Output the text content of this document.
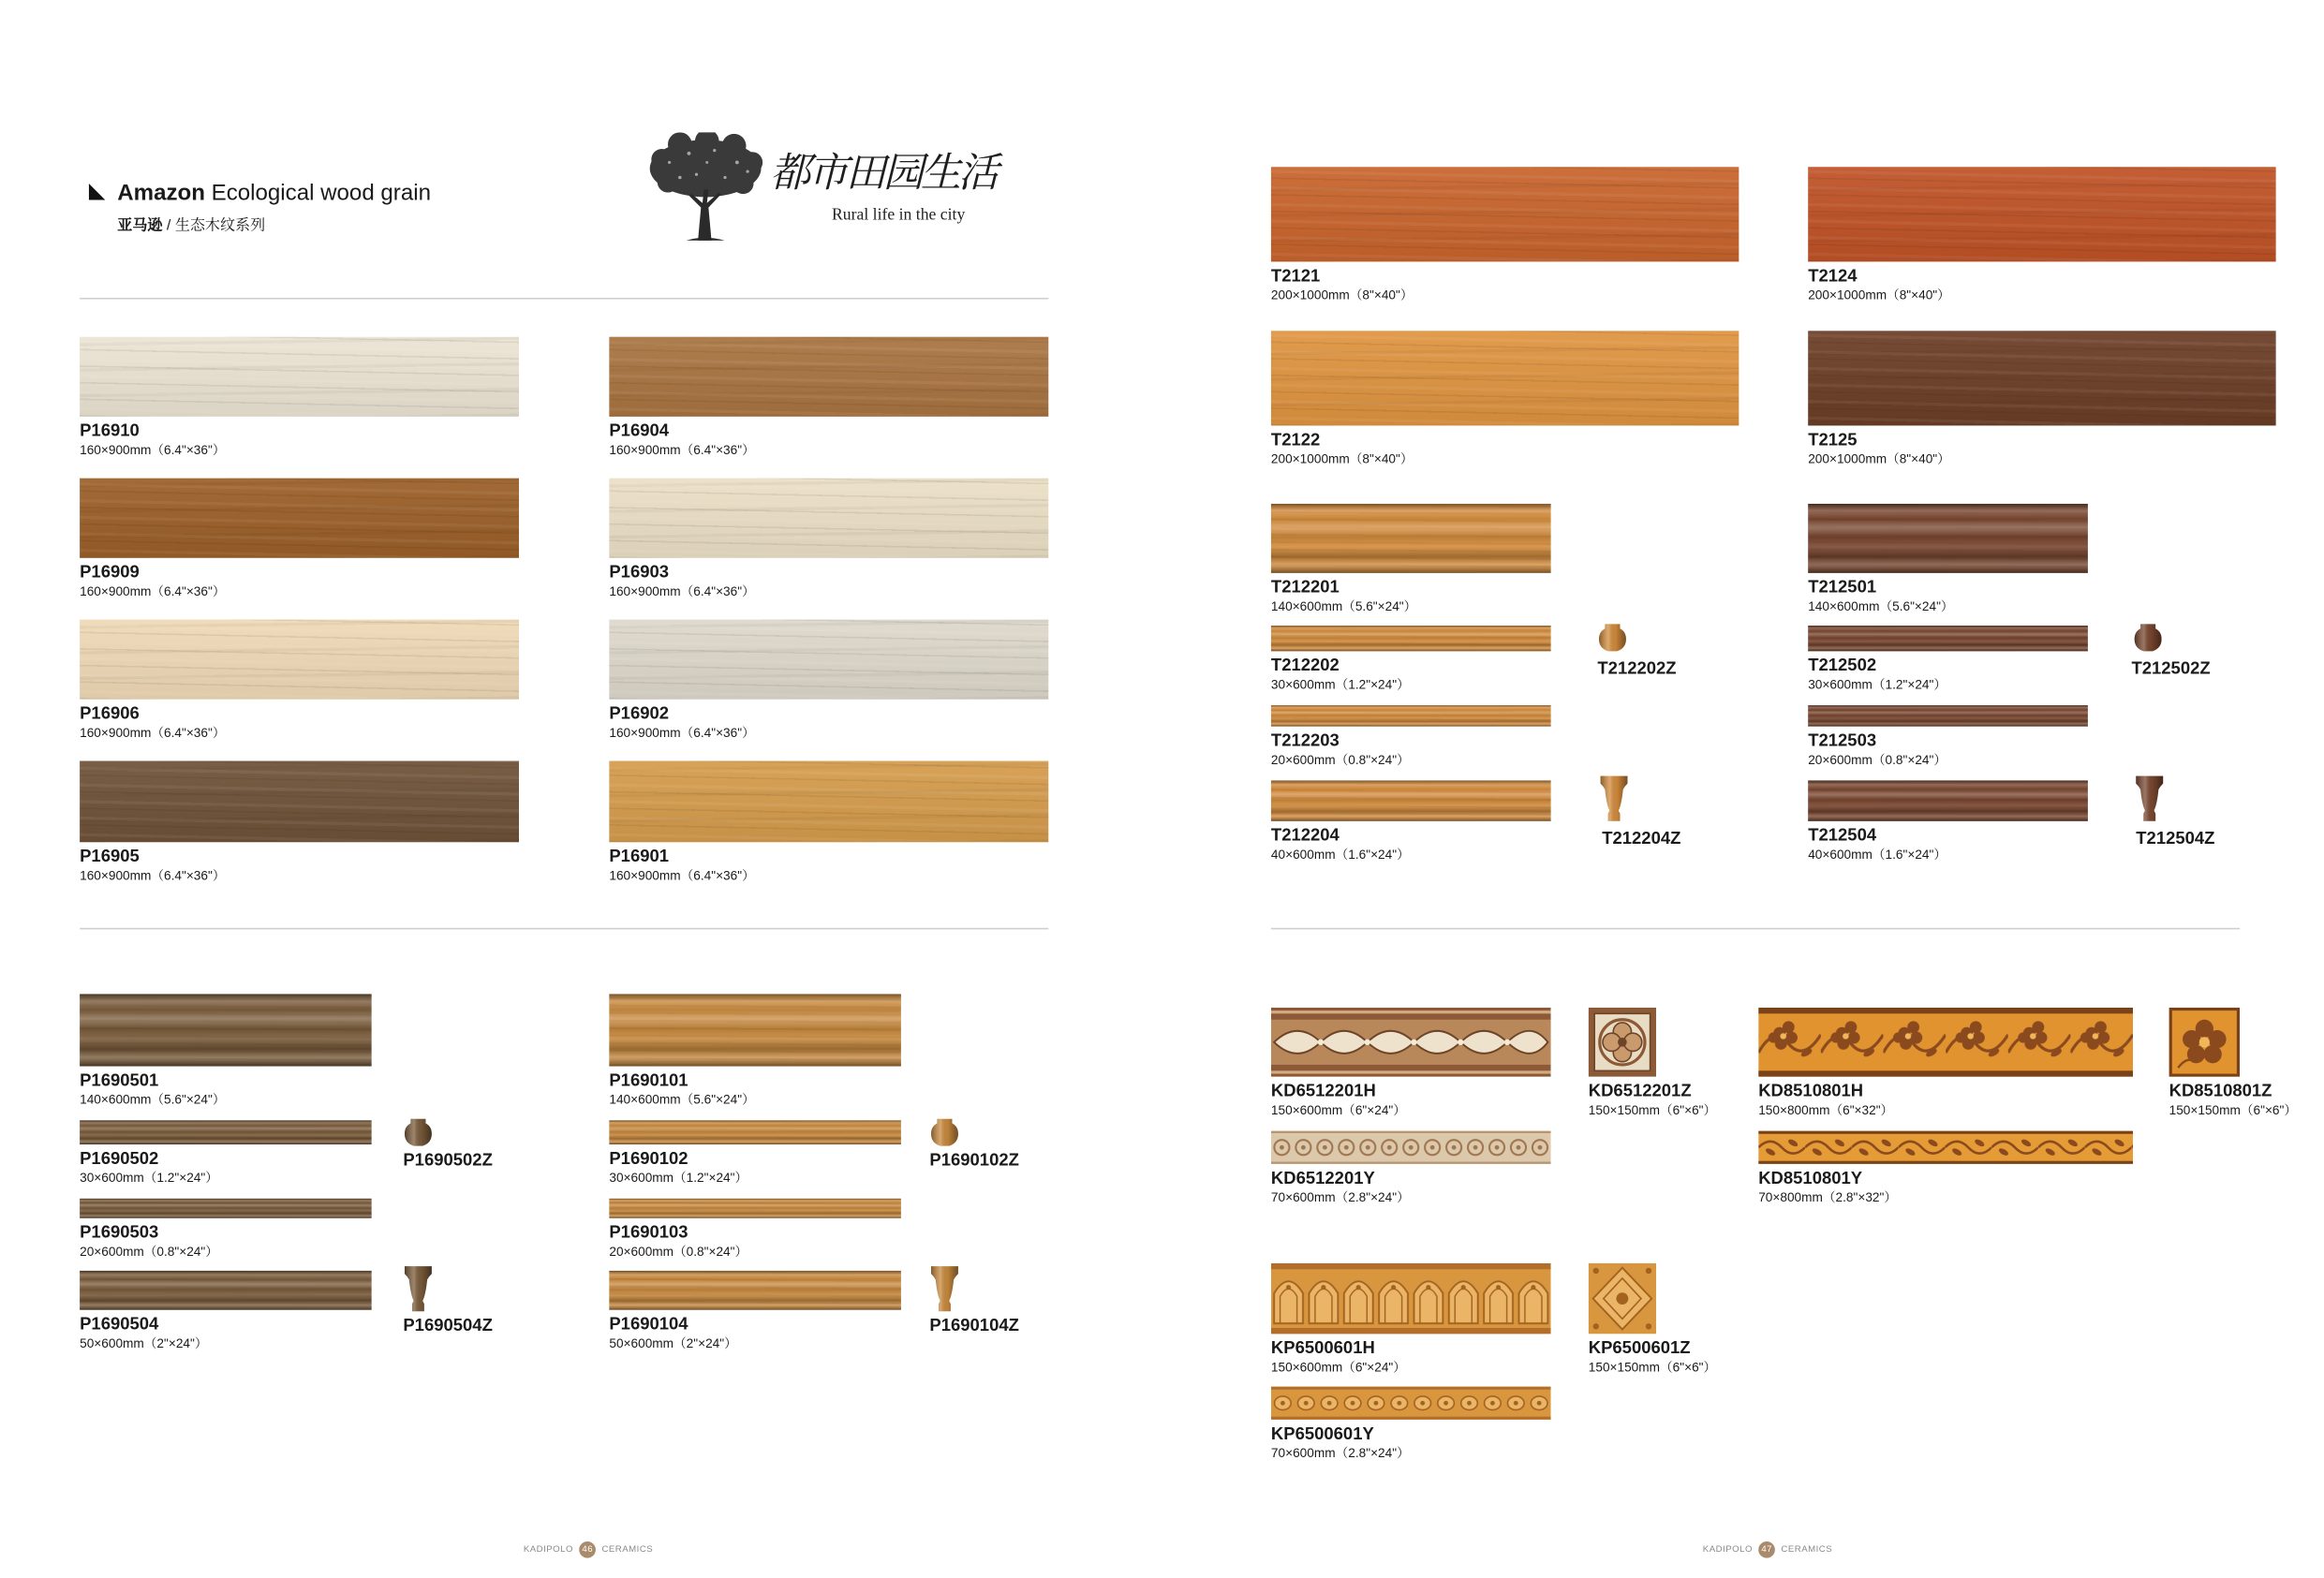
Amazon Ecological wood grain
亚马逊 / 生态木纹系列
都市田园生活
Rural life in the city
P16910
160×900mm（6.4"×36"）
P16904
160×900mm（6.4"×36"）
P16909
160×900mm（6.4"×36"）
P16903
160×900mm（6.4"×36"）
P16906
160×900mm（6.4"×36"）
P16902
160×900mm（6.4"×36"）
P16905
160×900mm（6.4"×36"）
P16901
160×900mm（6.4"×36"）
P1690501
140×600mm（5.6"×24"）
P1690502
30×600mm（1.2"×24"）
P1690503
20×600mm（0.8"×24"）
P1690504
50×600mm（2"×24"）
P1690502Z
P1690504Z
P1690101
140×600mm（5.6"×24"）
P1690102
30×600mm（1.2"×24"）
P1690103
20×600mm（0.8"×24"）
P1690104
50×600mm（2"×24"）
P1690102Z
P1690104Z
KADIPOLO	46	CERAMICS
T2121
200×1000mm（8"×40"）
T2124
200×1000mm（8"×40"）
T2122
200×1000mm（8"×40"）
T2125
200×1000mm（8"×40"）
T212201
140×600mm（5.6"×24"）
T212202
30×600mm（1.2"×24"）
T212203
20×600mm（0.8"×24"）
T212204
40×600mm（1.6"×24"）
T212202Z
T212204Z
T212501
140×600mm（5.6"×24"）
T212502
30×600mm（1.2"×24"）
T212503
20×600mm（0.8"×24"）
T212504
40×600mm（1.6"×24"）
T212502Z
T212504Z
KD6512201H
150×600mm（6"×24"）
KD6512201Z
150×150mm（6"×6"）
KD6512201Y
70×600mm（2.8"×24"）
KD8510801H
150×800mm（6"×32"）
KD8510801Z
150×150mm（6"×6"）
KD8510801Y
70×800mm（2.8"×32"）
KP6500601H
150×600mm（6"×24"）
KP6500601Z
150×150mm（6"×6"）
KP6500601Y
70×600mm（2.8"×24"）
KADIPOLO	47	CERAMICS
